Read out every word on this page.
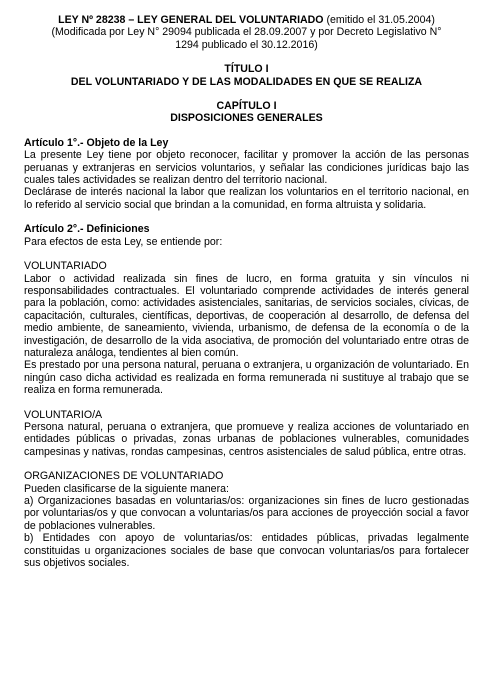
LEY Nº 28238 – LEY GENERAL DEL VOLUNTARIADO (emitido el 31.05.2004)

(Modificada por Ley N° 29094 publicada el 28.09.2007 y por Decreto Legislativo N°

1294 publicado el 30.12.2016)

TÍTULO I

DEL VOLUNTARIADO Y DE LAS MODALIDADES EN QUE SE REALIZA

CAPÍTULO I

DISPOSICIONES GENERALES

Artículo 1°.- Objeto de la Ley

La presente Ley tiene por objeto reconocer, facilitar y promover la acción de las personas peruanas y extranjeras en servicios voluntarios, y señalar las condiciones jurídicas bajo las cuales tales actividades se realizan dentro del territorio nacional.

Declárase de interés nacional la labor que realizan los voluntarios en el territorio nacional, en lo referido al servicio social que brindan a la comunidad, en forma altruista y solidaria.

Artículo 2°.- Definiciones

Para efectos de esta Ley, se entiende por:

VOLUNTARIADO

Labor o actividad realizada sin fines de lucro, en forma gratuita y sin vínculos ni responsabilidades contractuales. El voluntariado comprende actividades de interés general para la población, como: actividades asistenciales, sanitarias, de servicios sociales, cívicas, de capacitación, culturales, científicas, deportivas, de cooperación al desarrollo, de defensa del medio ambiente, de saneamiento, vivienda, urbanismo, de defensa de la economía o de la investigación, de desarrollo de la vida asociativa, de promoción del voluntariado entre otras de naturaleza análoga, tendientes al bien común.

Es prestado por una persona natural, peruana o extranjera, u organización de voluntariado. En ningún caso dicha actividad es realizada en forma remunerada ni sustituye al trabajo que se realiza en forma remunerada.

VOLUNTARIO/A

Persona natural, peruana o extranjera, que promueve y realiza acciones de voluntariado en entidades públicas o privadas, zonas urbanas de poblaciones vulnerables, comunidades campesinas y nativas, rondas campesinas, centros asistenciales de salud pública, entre otras.

ORGANIZACIONES DE VOLUNTARIADO

Pueden clasificarse de la siguiente manera:

a) Organizaciones basadas en voluntarias/os: organizaciones sin fines de lucro gestionadas por voluntarias/os y que convocan a voluntarias/os para acciones de proyección social a favor de poblaciones vulnerables.

b) Entidades con apoyo de voluntarias/os: entidades públicas, privadas legalmente constituidas u organizaciones sociales de base que convocan voluntarias/os para fortalecer sus objetivos sociales.
